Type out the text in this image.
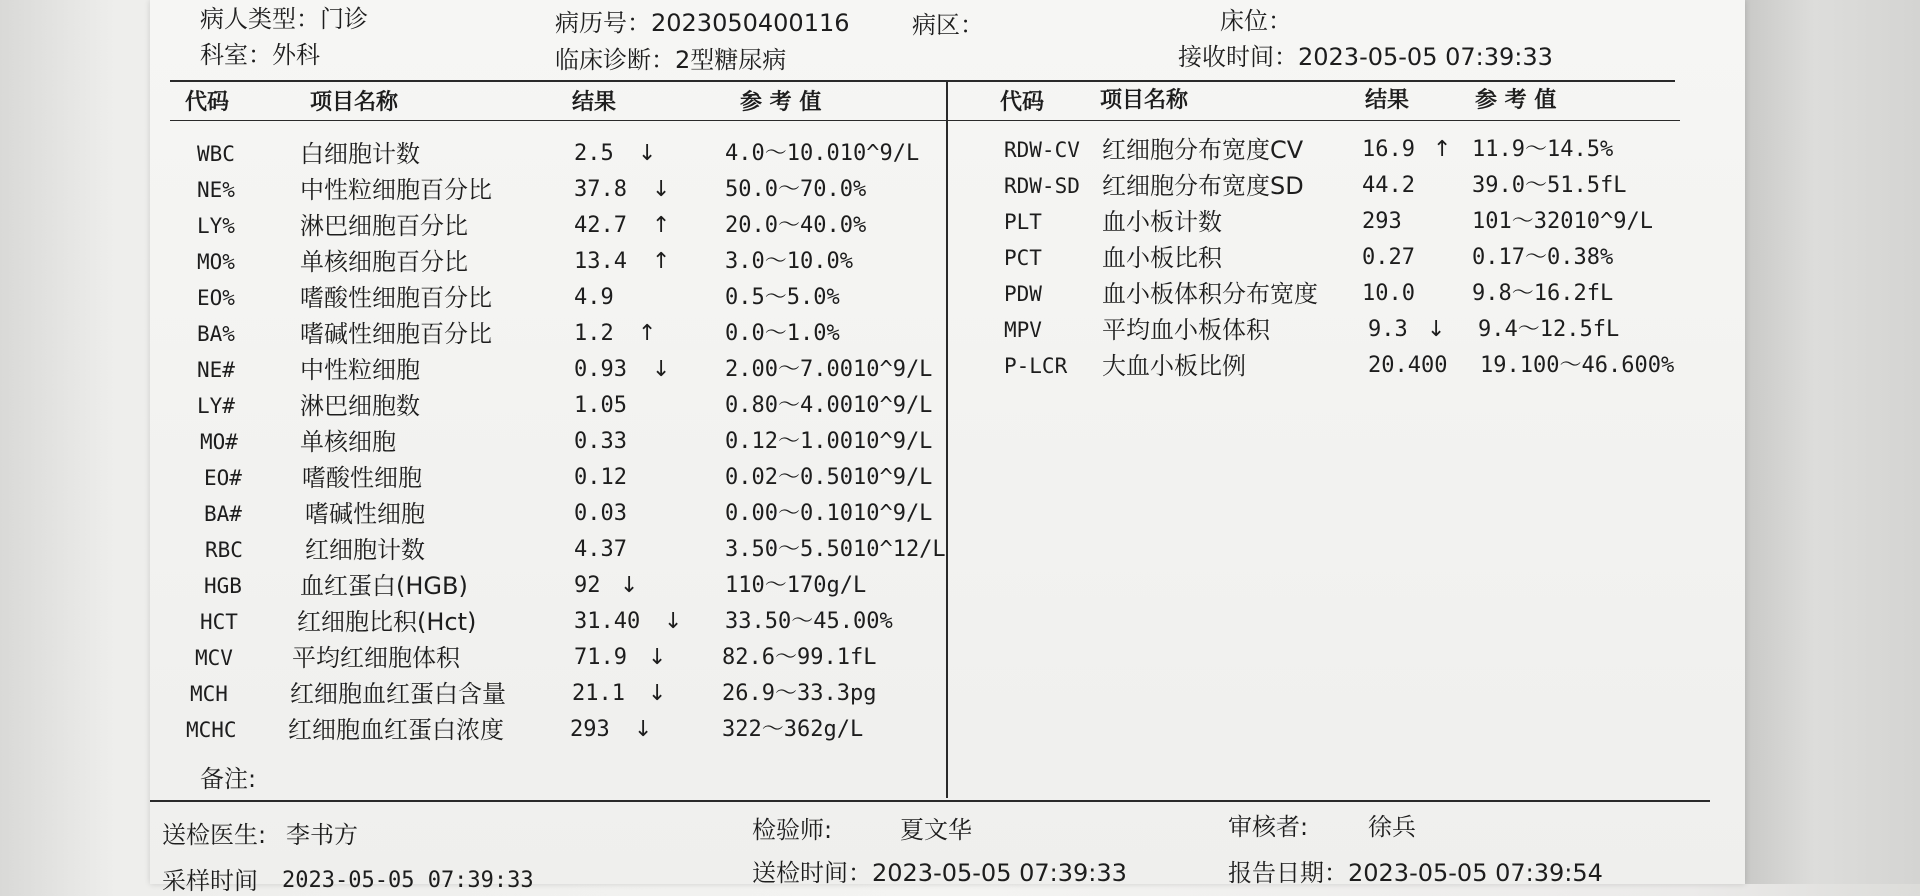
病人类型：门诊	病历号：2023050400116	病区：	床位：
科室：外科	临床诊断：2型糖尿病	接收时间：2023-05-05 07:39:33
代码	项目名称	结果	参 考 值	代码	项目名称	结果	参 考 值
WBC	白细胞计数	2.5 ↓	4.0～10.010^9/L
NE%	中性粒细胞百分比	37.8 ↓ 50.0～70.0%
LY%	淋巴细胞百分比	42.7 ↑ 20.0～40.0%
MO%	单核细胞百分比	13.4 ↑ 3.0～10.0%
EO%	嗜酸性细胞百分比	4.9	0.5～5.0%
BA%	嗜碱性细胞百分比	1.2 ↑	0.0～1.0%
NE#	中性粒细胞	0.93 ↓ 2.00～7.0010^9/L
LY#	淋巴细胞数	1.05	0.80～4.0010^9/L
MO#	单核细胞	0.33	0.12～1.0010^9/L
EO#	嗜酸性细胞	0.12	0.02～0.5010^9/L
BA#	嗜碱性细胞	0.03	0.00～0.1010^9/L
RBC	红细胞计数	4.37	3.50～5.5010^12/L
HGB 血红蛋白(HGB)	92 ↓	110～170g/L
HCT 红细胞比积(Hct)	31.40 ↓ 33.50～45.00%
MCV 平均红细胞体积	71.9 ↓	82.6～99.1fL
MCH	红细胞血红蛋白含量	21.1 ↓	26.9～33.3pg
MCHC 红细胞血红蛋白浓度	293 ↓	322～362g/L
RDW-CV 红细胞分布宽度CV	16.9 ↑ 11.9～14.5%
RDW-SD 红细胞分布宽度SD	44.2	39.0～51.5fL
PLT	血小板计数	293	101～32010^9/L
PCT	血小板比积	0.27	0.17～0.38%
PDW	血小板体积分布宽度 10.0	9.8～16.2fL
MPV	平均血小板体积	9.3 ↓ 9.4～12.5fL
P-LCR 大血小板比例	20.400 19.100～46.600%
备注:
送检医生: 李书方	检验师:	夏文华	审核者: 徐兵
采样时间 2023-05-05 07:39:33	送检时间：2023-05-05 07:39:33	报告日期：2023-05-05 07:39:54
